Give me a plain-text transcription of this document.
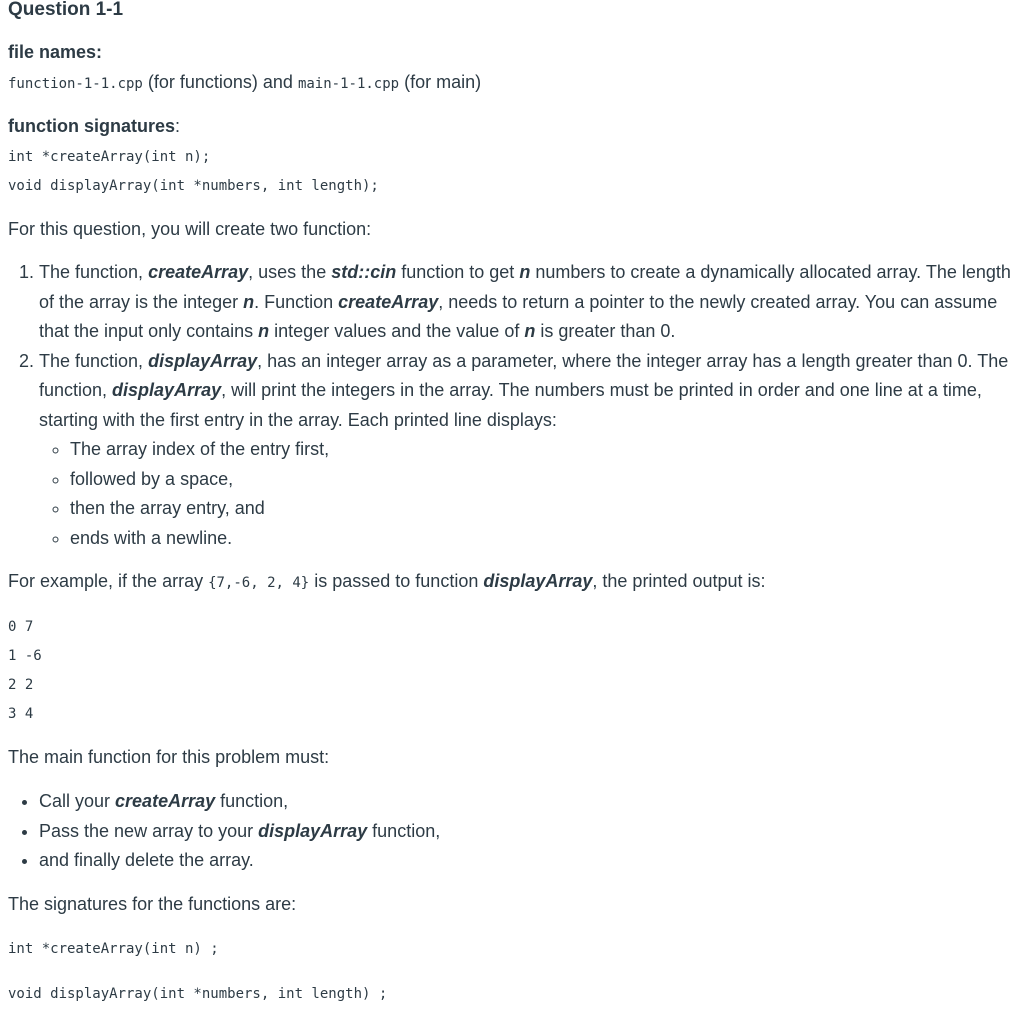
Question 1-1
file names:
function-1-1.cpp (for functions) and main-1-1.cpp (for main)
function signatures:
int *createArray(int n);
void displayArray(int *numbers, int length);
For this question, you will create two function:
1. The function, createArray, uses the std::cin function to get n numbers to create a dynamically allocated array. The length of the array is the integer n. Function createArray, needs to return a pointer to the newly created array. You can assume that the input only contains n integer values and the value of n is greater than 0.
2. The function, displayArray, has an integer array as a parameter, where the integer array has a length greater than 0. The function, displayArray, will print the integers in the array. The numbers must be printed in order and one line at a time, starting with the first entry in the array. Each printed line displays:
◦ The array index of the entry first,
◦ followed by a space,
◦ then the array entry, and
◦ ends with a newline.
For example, if the array {7,-6, 2, 4} is passed to function displayArray, the printed output is:
0 7
1 -6
2 2
3 4
The main function for this problem must:
• Call your createArray function,
• Pass the new array to your displayArray function,
• and finally delete the array.
The signatures for the functions are:
int *createArray(int n) ;
void displayArray(int *numbers, int length) ;
